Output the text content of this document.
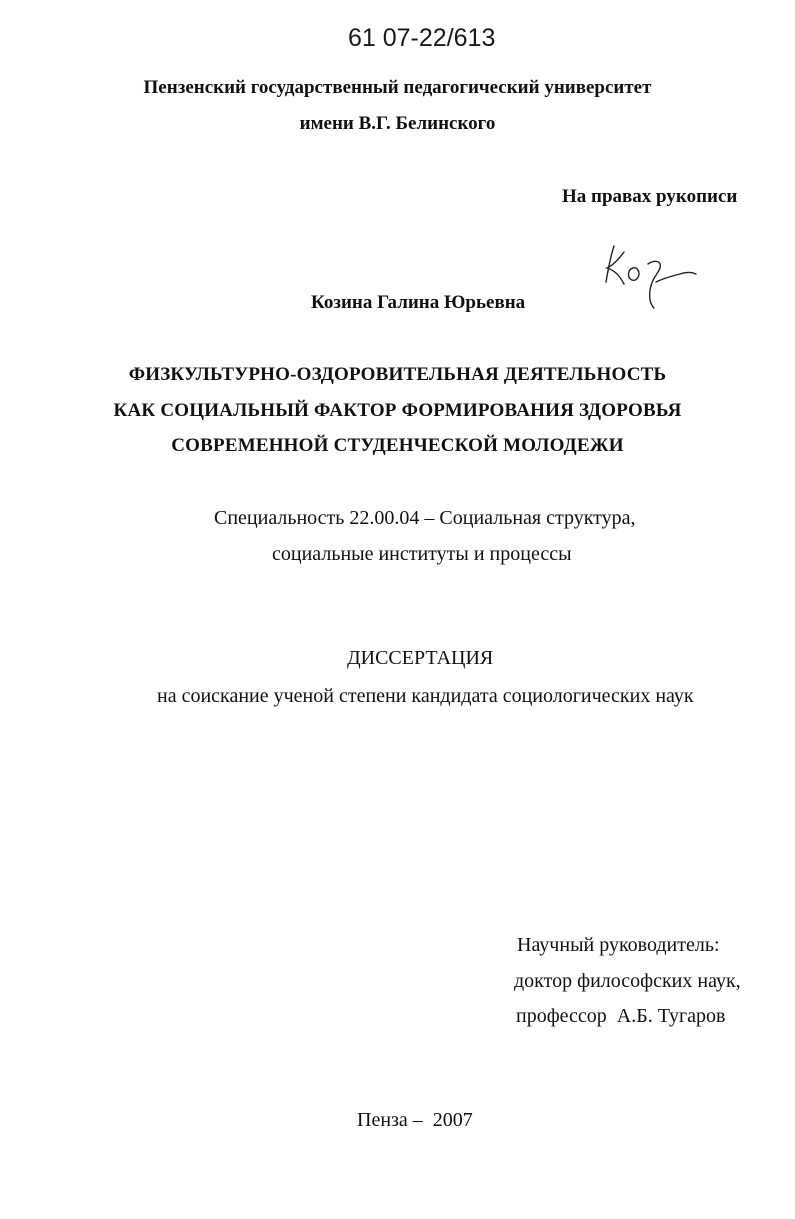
61 07-22/613
Пензенский государственный педагогический университет
имени В.Г. Белинского
На правах рукописи
Козина Галина Юрьевна
ФИЗКУЛЬТУРНО-ОЗДОРОВИТЕЛЬНАЯ ДЕЯТЕЛЬНОСТЬ
КАК СОЦИАЛЬНЫЙ ФАКТОР ФОРМИРОВАНИЯ ЗДОРОВЬЯ
СОВРЕМЕННОЙ СТУДЕНЧЕСКОЙ МОЛОДЕЖИ
Специальность 22.00.04 – Социальная структура,
социальные институты и процессы
ДИССЕРТАЦИЯ
на соискание ученой степени кандидата социологических наук
Научный руководитель:
доктор философских наук,
профессор  А.Б. Тугаров
Пенза –  2007
